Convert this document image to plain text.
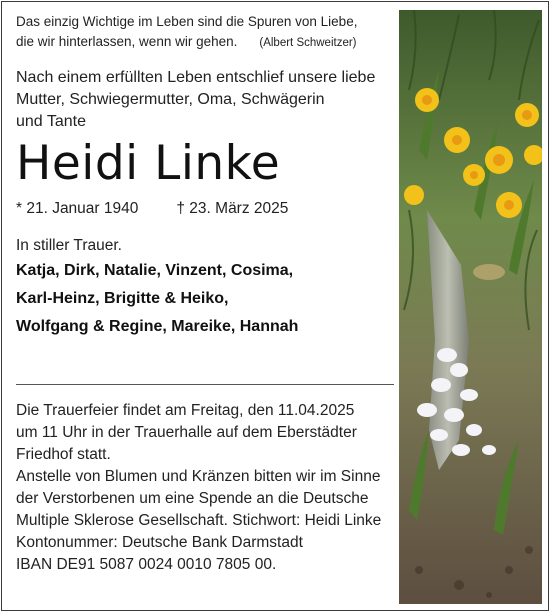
Das einzig Wichtige im Leben sind die Spuren von Liebe,
die wir hinterlassen, wenn wir gehen. (Albert Schweitzer)
Nach einem erfüllten Leben entschlief unsere liebe
Mutter, Schwiegermutter, Oma, Schwägerin
und Tante
Heidi Linke
* 21. Januar 1940 † 23. März 2025
In stiller Trauer.
Katja, Dirk, Natalie, Vinzent, Cosima,
Karl-Heinz, Brigitte & Heiko,
Wolfgang & Regine, Mareike, Hannah
Die Trauerfeier findet am Freitag, den 11.04.2025
um 11 Uhr in der Trauerhalle auf dem Eberstädter
Friedhof statt.
Anstelle von Blumen und Kränzen bitten wir im Sinne
der Verstorbenen um eine Spende an die Deutsche
Multiple Sklerose Gesellschaft. Stichwort: Heidi Linke
Kontonummer: Deutsche Bank Darmstadt
IBAN DE91 5087 0024 0010 7805 00.
